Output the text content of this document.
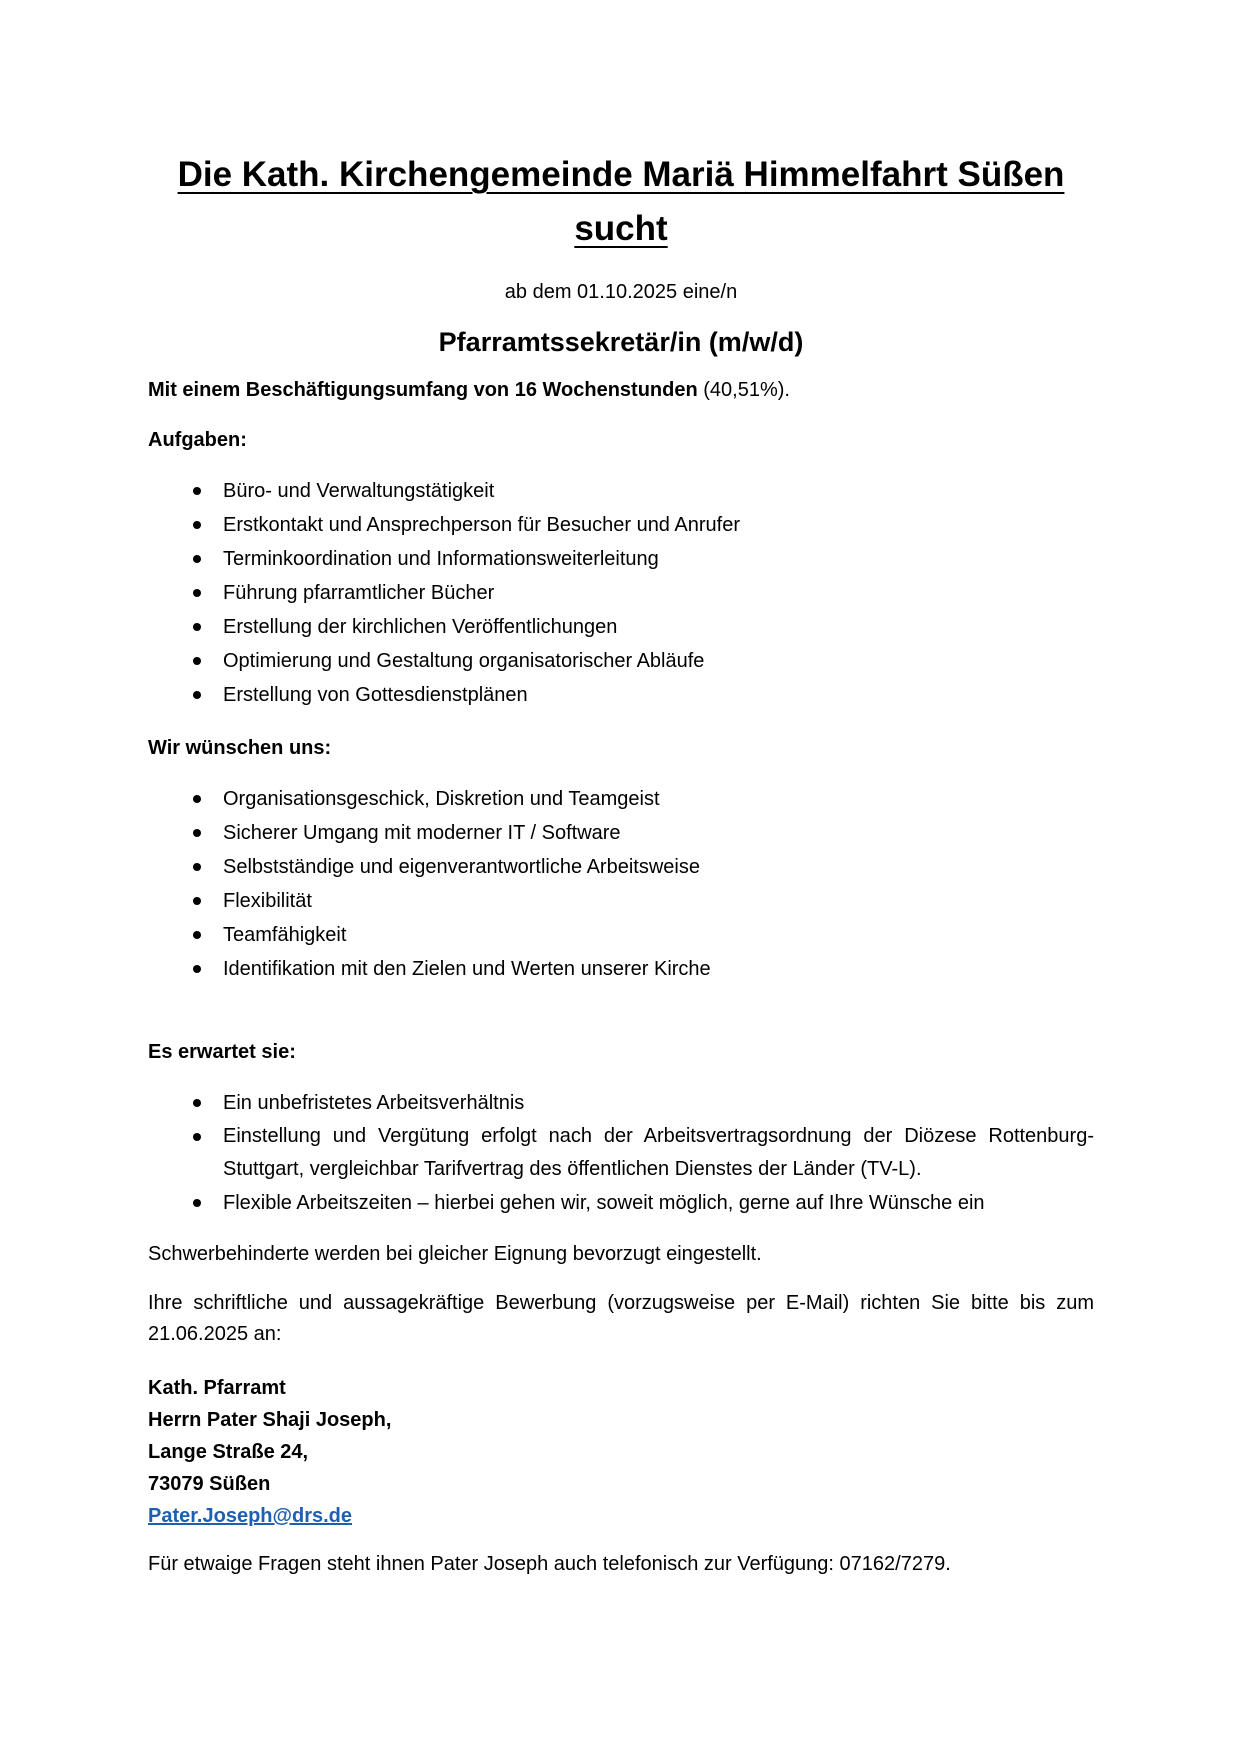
Die Kath. Kirchengemeinde Mariä Himmelfahrt Süßen
sucht
ab dem 01.10.2025 eine/n
Pfarramtssekretär/in (m/w/d)
Mit einem Beschäftigungsumfang von 16 Wochenstunden (40,51%).
Aufgaben:
Büro- und Verwaltungstätigkeit
Erstkontakt und Ansprechperson für Besucher und Anrufer
Terminkoordination und Informationsweiterleitung
Führung pfarramtlicher Bücher
Erstellung der kirchlichen Veröffentlichungen
Optimierung und Gestaltung organisatorischer Abläufe
Erstellung von Gottesdienstplänen
Wir wünschen uns:
Organisationsgeschick, Diskretion und Teamgeist
Sicherer Umgang mit moderner IT / Software
Selbstständige und eigenverantwortliche Arbeitsweise
Flexibilität
Teamfähigkeit
Identifikation mit den Zielen und Werten unserer Kirche
Es erwartet sie:
Ein unbefristetes Arbeitsverhältnis
Einstellung und Vergütung erfolgt nach der Arbeitsvertragsordnung der Diözese Rottenburg-Stuttgart, vergleichbar Tarifvertrag des öffentlichen Dienstes der Länder (TV-L).
Flexible Arbeitszeiten – hierbei gehen wir, soweit möglich, gerne auf Ihre Wünsche ein
Schwerbehinderte werden bei gleicher Eignung bevorzugt eingestellt.
Ihre schriftliche und aussagekräftige Bewerbung (vorzugsweise per E-Mail) richten Sie bitte bis zum 21.06.2025 an:
Kath. Pfarramt
Herrn Pater Shaji Joseph,
Lange Straße 24,
73079 Süßen
Pater.Joseph@drs.de
Für etwaige Fragen steht ihnen Pater Joseph auch telefonisch zur Verfügung: 07162/7279.
